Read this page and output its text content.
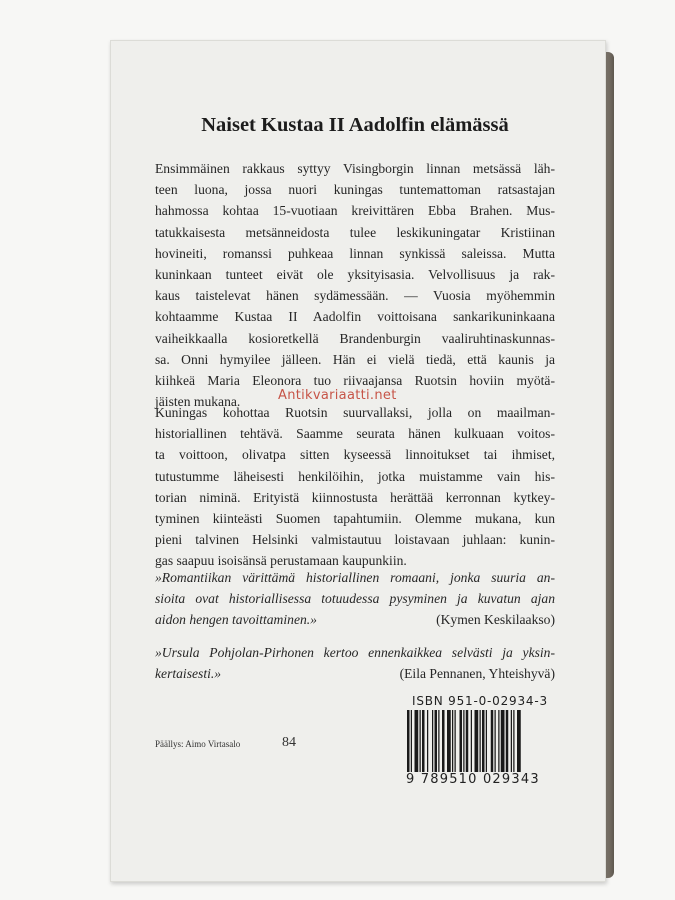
Naiset Kustaa II Aadolfin elämässä
Ensimmäinen rakkaus syttyy Visingborgin linnan metsässä läh-
teen luona, jossa nuori kuningas tuntemattoman ratsastajan
hahmossa kohtaa 15-vuotiaan kreivittären Ebba Brahen. Mus-
tatukkaisesta metsänneidosta tulee leskikuningatar Kristiinan
hovineiti, romanssi puhkeaa linnan synkissä saleissa. Mutta
kuninkaan tunteet eivät ole yksityisasia. Velvollisuus ja rak-
kaus taistelevat hänen sydämessään. — Vuosia myöhemmin
kohtaamme Kustaa II Aadolfin voittoisana sankarikuninkaana
vaiheikkaalla kosioretkellä Brandenburgin vaaliruhtinaskunnas-
sa. Onni hymyilee jälleen. Hän ei vielä tiedä, että kaunis ja
kiihkeä Maria Eleonora tuo riivaajansa Ruotsin hoviin myötä-
jäisten mukana.
Kuningas kohottaa Ruotsin suurvallaksi, jolla on maailman-
historiallinen tehtävä. Saamme seurata hänen kulkuaan voitos-
ta voittoon, olivatpa sitten kyseessä linnoitukset tai ihmiset,
tutustumme läheisesti henkilöihin, jotka muistamme vain his-
torian niminä. Erityistä kiinnostusta herättää kerronnan kytkey-
tyminen kiinteästi Suomen tapahtumiin. Olemme mukana, kun
pieni talvinen Helsinki valmistautuu loistavaan juhlaan: kunin-
gas saapuu isoisänsä perustamaan kaupunkiin.
Antikvariaatti.net
»Romantiikan värittämä historiallinen romaani, jonka suuria an-
sioita ovat historiallisessa totuudessa pysyminen ja kuvatun ajan
aidon hengen tavoittaminen.»	(Kymen Keskilaakso)
»Ursula Pohjolan-Pirhonen kertoo ennenkaikkea selvästi ja yksin-
kertaisesti.»	(Eila Pennanen, Yhteishyvä)
ISBN 951-0-02934-3
Päällys: Aimo Virtasalo	84
9 789510 029343
